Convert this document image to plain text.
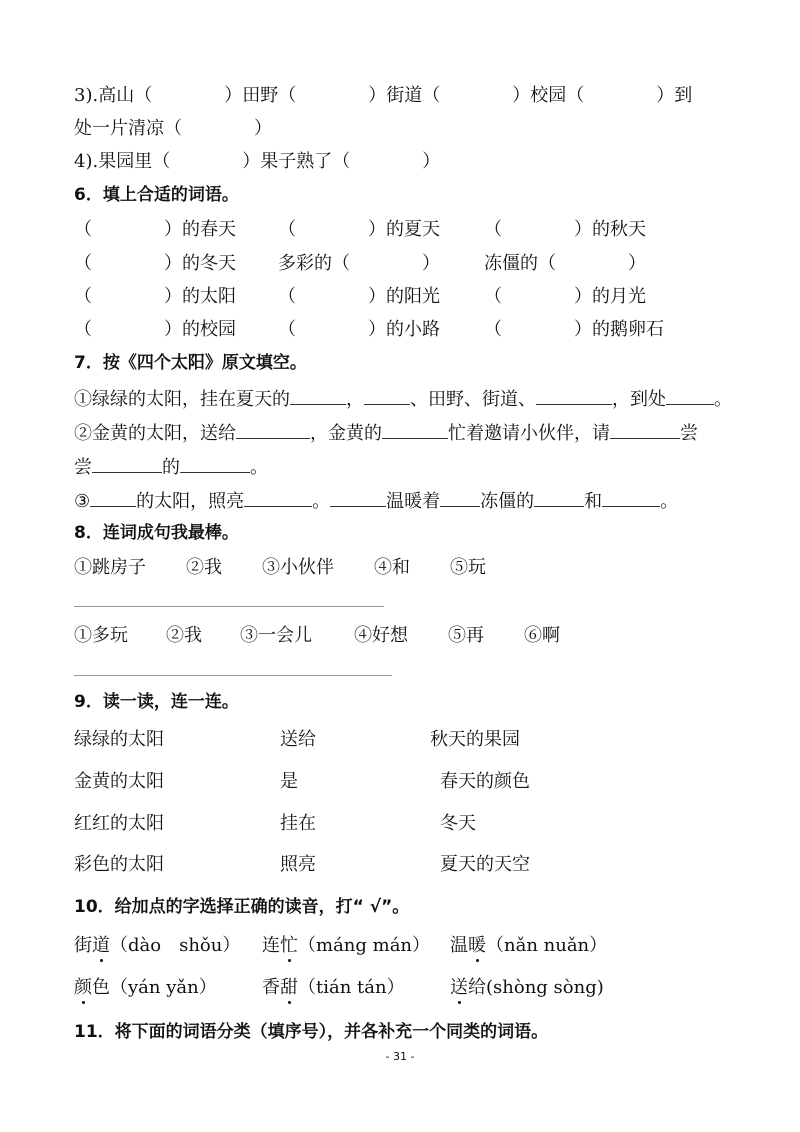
3).高山（　　　　）田野（　　　　）街道（　　　　）校园（　　　　）到
处一片清凉（　　　　）
4).果园里（　　　　）果子熟了（　　　　）
6．填上合适的词语。
（　　　　）的春天 （　　　　）的夏天 （　　　　）的秋天
（　　　　）的冬天 多彩的（　　　　） 冻僵的（　　　　）
（　　　　）的太阳 （　　　　）的阳光 （　　　　）的月光
（　　　　）的校园 （　　　　）的小路 （　　　　）的鹅卵石
7．按《四个太阳》原文填空。
①绿绿的太阳，挂在夏天的	，	、田野、街道、	，到处	。
②金黄的太阳，送给	，金黄的	忙着邀请小伙伴，请	尝
尝	的	。
③	的太阳，照亮	。	温暖着 冻僵的	和	。
8．连词成句我最棒。
①跳房子 ②我 ③小伙伴 ④和 ⑤玩
①多玩 ②我 ③一会儿 ④好想 ⑤再 ⑥啊
9．读一读，连一连。
绿绿的太阳	送给	秋天的果园
金黄的太阳	是	春天的颜色
红红的太阳	挂在	冬天
彩色的太阳	照亮	夏天的天空
10．给加点的字选择正确的读音，打“ √”。
街道（dào　shǒu） 连忙（máng mán） 温暖（nǎn nuǎn）
颜色（yán yǎn）	香甜（tián tán）	送给(shòng sòng)
11．将下面的词语分类（填序号），并各补充一个同类的词语。
- 31 -
